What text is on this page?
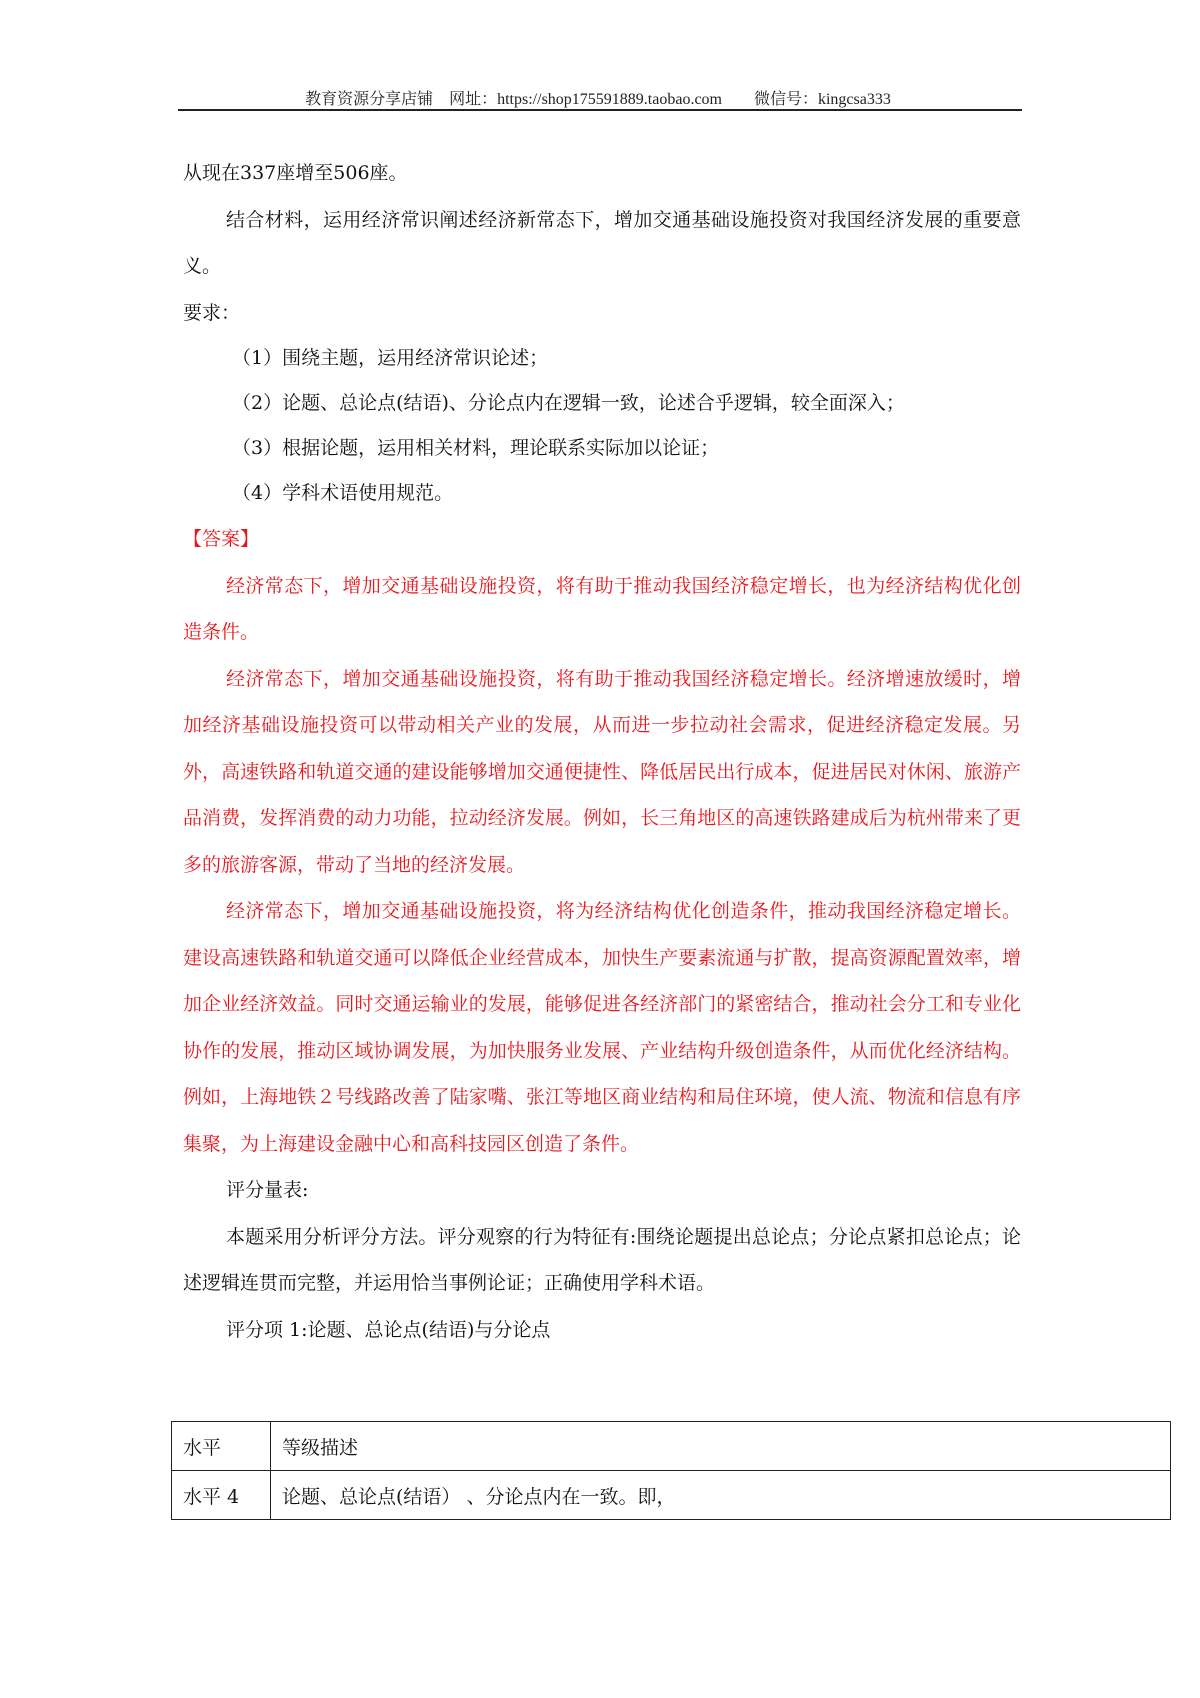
教育资源分享店铺　网址：https://shop175591889.taobao.com　　微信号：kingcsa333

从现在337座增至506座。

结合材料，运用经济常识阐述经济新常态下，增加交通基础设施投资对我国经济发展的重要意义。

要求：

（1）围绕主题，运用经济常识论述；

（2）论题、总论点(结语)、分论点内在逻辑一致，论述合乎逻辑，较全面深入；

（3）根据论题，运用相关材料，理论联系实际加以论证；

（4）学科术语使用规范。

【答案】

经济常态下，增加交通基础设施投资，将有助于推动我国经济稳定增长，也为经济结构优化创造条件。

经济常态下，增加交通基础设施投资，将有助于推动我国经济稳定增长。经济增速放缓时，增加经济基础设施投资可以带动相关产业的发展，从而进一步拉动社会需求，促进经济稳定发展。另外，高速铁路和轨道交通的建设能够增加交通便捷性、降低居民出行成本，促进居民对休闲、旅游产品消费，发挥消费的动力功能，拉动经济发展。例如，长三角地区的高速铁路建成后为杭州带来了更多的旅游客源，带动了当地的经济发展。

经济常态下，增加交通基础设施投资，将为经济结构优化创造条件，推动我国经济稳定增长。 建设高速铁路和轨道交通可以降低企业经营成本，加快生产要素流通与扩散，提高资源配置效率，增加企业经济效益。同时交通运输业的发展，能够促进各经济部门的紧密结合，推动社会分工和专业化协作的发展，推动区域协调发展，为加快服务业发展、产业结构升级创造条件，从而优化经济结构。例如，上海地铁２号线路改善了陆家嘴、张江等地区商业结构和局住环境，使人流、物流和信息有序集聚，为上海建设金融中心和高科技园区创造了条件。

评分量表:

本题采用分析评分方法。评分观察的行为特征有:围绕论题提出总论点；分论点紧扣总论点；论述逻辑连贯而完整，并运用恰当事例论证；正确使用学科术语。

评分项 1:论题、总论点(结语)与分论点

水平	等级描述
水平 4	论题、总论点(结语） 、分论点内在一致。即，
